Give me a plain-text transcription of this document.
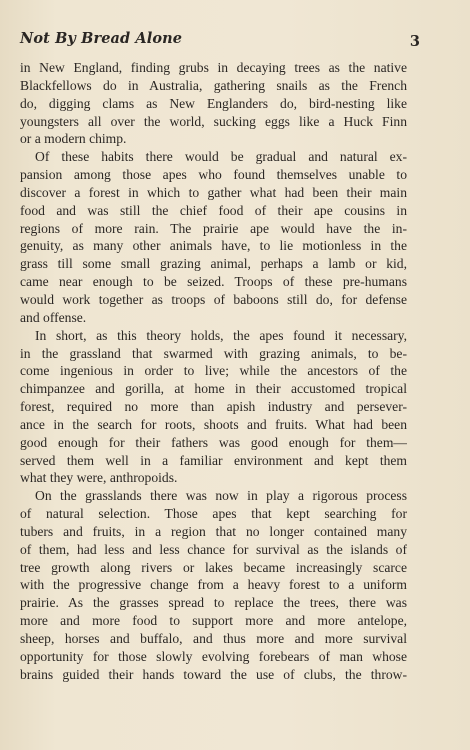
Not By Bread Alone	3
in New England, finding grubs in decaying trees as the native
Blackfellows do in Australia, gathering snails as the French
do, digging clams as New Englanders do, bird-nesting like
youngsters all over the world, sucking eggs like a Huck Finn
or a modern chimp.
Of these habits there would be gradual and natural ex-
pansion among those apes who found themselves unable to
discover a forest in which to gather what had been their main
food and was still the chief food of their ape cousins in
regions of more rain. The prairie ape would have the in-
genuity, as many other animals have, to lie motionless in the
grass till some small grazing animal, perhaps a lamb or kid,
came near enough to be seized. Troops of these pre-humans
would work together as troops of baboons still do, for defense
and offense.
In short, as this theory holds, the apes found it necessary,
in the grassland that swarmed with grazing animals, to be-
come ingenious in order to live; while the ancestors of the
chimpanzee and gorilla, at home in their accustomed tropical
forest, required no more than apish industry and persever-
ance in the search for roots, shoots and fruits. What had been
good enough for their fathers was good enough for them—
served them well in a familiar environment and kept them
what they were, anthropoids.
On the grasslands there was now in play a rigorous process
of natural selection. Those apes that kept searching for
tubers and fruits, in a region that no longer contained many
of them, had less and less chance for survival as the islands of
tree growth along rivers or lakes became increasingly scarce
with the progressive change from a heavy forest to a uniform
prairie. As the grasses spread to replace the trees, there was
more and more food to support more and more antelope,
sheep, horses and buffalo, and thus more and more survival
opportunity for those slowly evolving forebears of man whose
brains guided their hands toward the use of clubs, the throw-
